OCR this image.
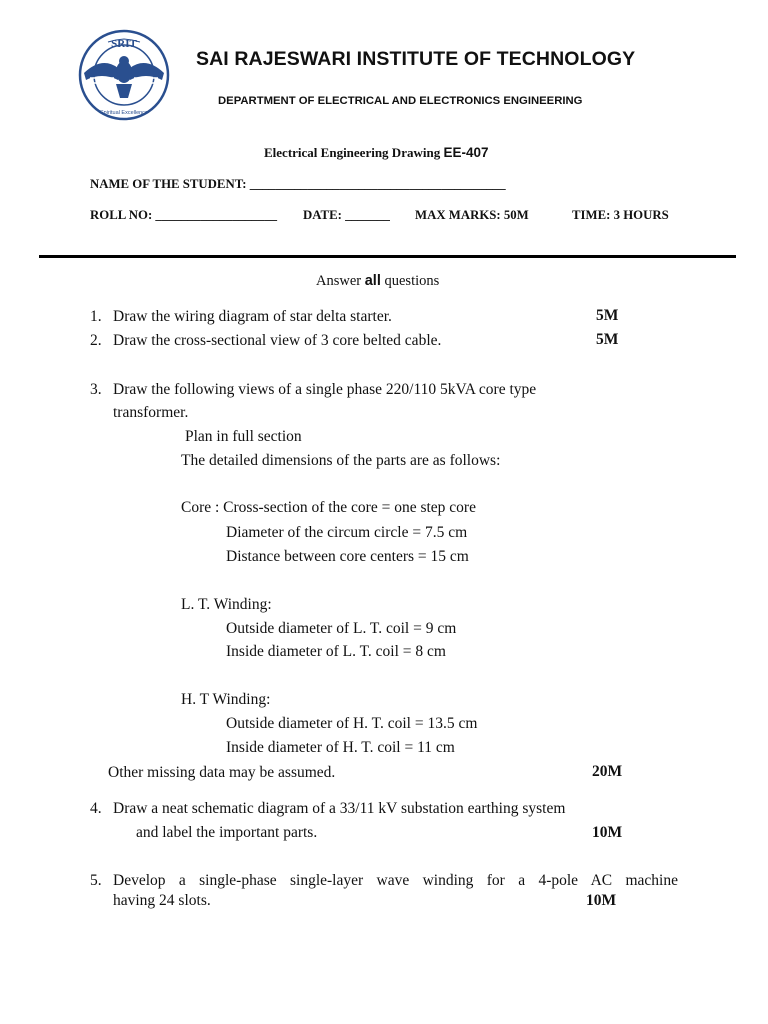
SRIT
Spiritual Excellence
SAI RAJESWARI INSTITUTE OF TECHNOLOGY
DEPARTMENT OF ELECTRICAL AND ELECTRONICS ENGINEERING
Electrical Engineering Drawing EE-407
NAME OF THE STUDENT: ________________________________________
ROLL NO: ___________________ DATE: _______ MAX MARKS: 50M	TIME: 3 HOURS
Answer all questions
1. Draw the wiring diagram of star delta starter.	5M
2. Draw the cross-sectional view of 3 core belted cable.	5M
3. Draw the following views of a single phase 220/110 5kVA core type
transformer.
Plan in full section
The detailed dimensions of the parts are as follows:
Core : Cross-section of the core = one step core
Diameter of the circum circle = 7.5 cm
Distance between core centers = 15 cm
L. T. Winding:
Outside diameter of L. T. coil = 9 cm
Inside diameter of L. T. coil = 8 cm
H. T Winding:
Outside diameter of H. T. coil = 13.5 cm
Inside diameter of H. T. coil = 11 cm
Other missing data may be assumed.	20M
4. Draw a neat schematic diagram of a 33/11 kV substation earthing system
and label the important parts.	10M
5. Develop a single-phase single-layer wave winding for a 4-pole AC machine
having 24 slots.	10M
